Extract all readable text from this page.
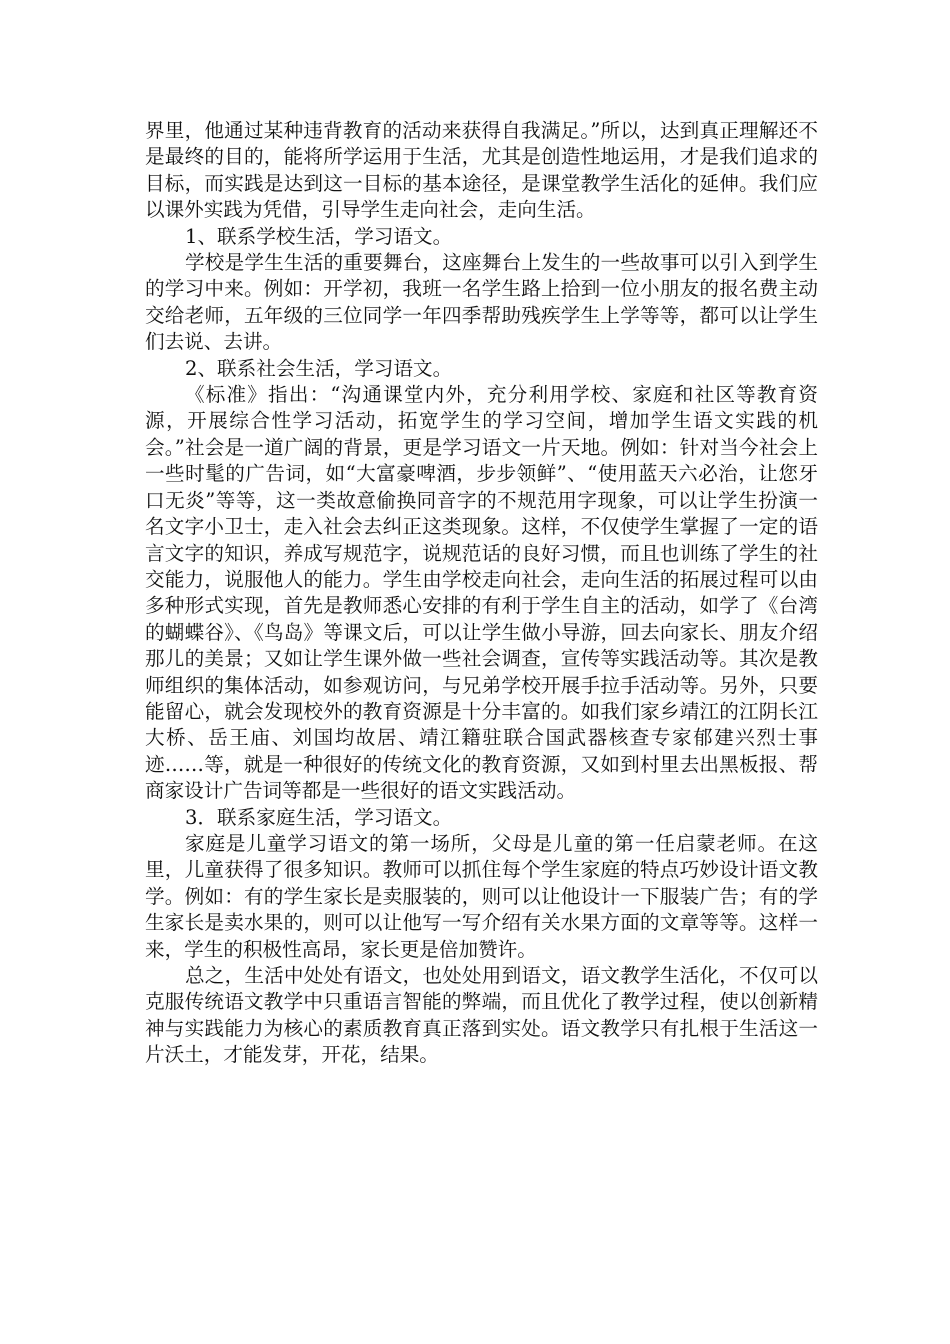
界里，他通过某种违背教育的活动来获得自我满足。”所以，达到真正理解还不是最终的目的，能将所学运用于生活，尤其是创造性地运用，才是我们追求的目标，而实践是达到这一目标的基本途径，是课堂教学生活化的延伸。我们应以课外实践为凭借，引导学生走向社会，走向生活。

1、联系学校生活，学习语文。

学校是学生生活的重要舞台，这座舞台上发生的一些故事可以引入到学生的学习中来。例如：开学初，我班一名学生路上拾到一位小朋友的报名费主动交给老师，五年级的三位同学一年四季帮助残疾学生上学等等，都可以让学生们去说、去讲。

2、联系社会生活，学习语文。

《标准》指出：“沟通课堂内外，充分利用学校、家庭和社区等教育资源，开展综合性学习活动，拓宽学生的学习空间，增加学生语文实践的机会。”社会是一道广阔的背景，更是学习语文一片天地。例如：针对当今社会上一些时髦的广告词，如“大富豪啤酒，步步领鲜”、“使用蓝天六必治，让您牙口无炎”等等，这一类故意偷换同音字的不规范用字现象，可以让学生扮演一名文字小卫士，走入社会去纠正这类现象。这样，不仅使学生掌握了一定的语言文字的知识，养成写规范字，说规范话的良好习惯，而且也训练了学生的社交能力，说服他人的能力。学生由学校走向社会，走向生活的拓展过程可以由多种形式实现，首先是教师悉心安排的有利于学生自主的活动，如学了《台湾的蝴蝶谷》、《鸟岛》等课文后，可以让学生做小导游，回去向家长、朋友介绍那儿的美景；又如让学生课外做一些社会调查，宣传等实践活动等。其次是教师组织的集体活动，如参观访问，与兄弟学校开展手拉手活动等。另外，只要能留心，就会发现校外的教育资源是十分丰富的。如我们家乡靖江的江阴长江大桥、岳王庙、刘国均故居、靖江籍驻联合国武器核查专家郁建兴烈士事迹……等，就是一种很好的传统文化的教育资源，又如到村里去出黑板报、帮商家设计广告词等都是一些很好的语文实践活动。

3．联系家庭生活，学习语文。

家庭是儿童学习语文的第一场所，父母是儿童的第一任启蒙老师。在这里，儿童获得了很多知识。教师可以抓住每个学生家庭的特点巧妙设计语文教学。例如：有的学生家长是卖服装的，则可以让他设计一下服装广告；有的学生家长是卖水果的，则可以让他写一写介绍有关水果方面的文章等等。这样一来，学生的积极性高昂，家长更是倍加赞许。

总之，生活中处处有语文，也处处用到语文，语文教学生活化，不仅可以克服传统语文教学中只重语言智能的弊端，而且优化了教学过程，使以创新精神与实践能力为核心的素质教育真正落到实处。语文教学只有扎根于生活这一片沃土，才能发芽，开花，结果。
